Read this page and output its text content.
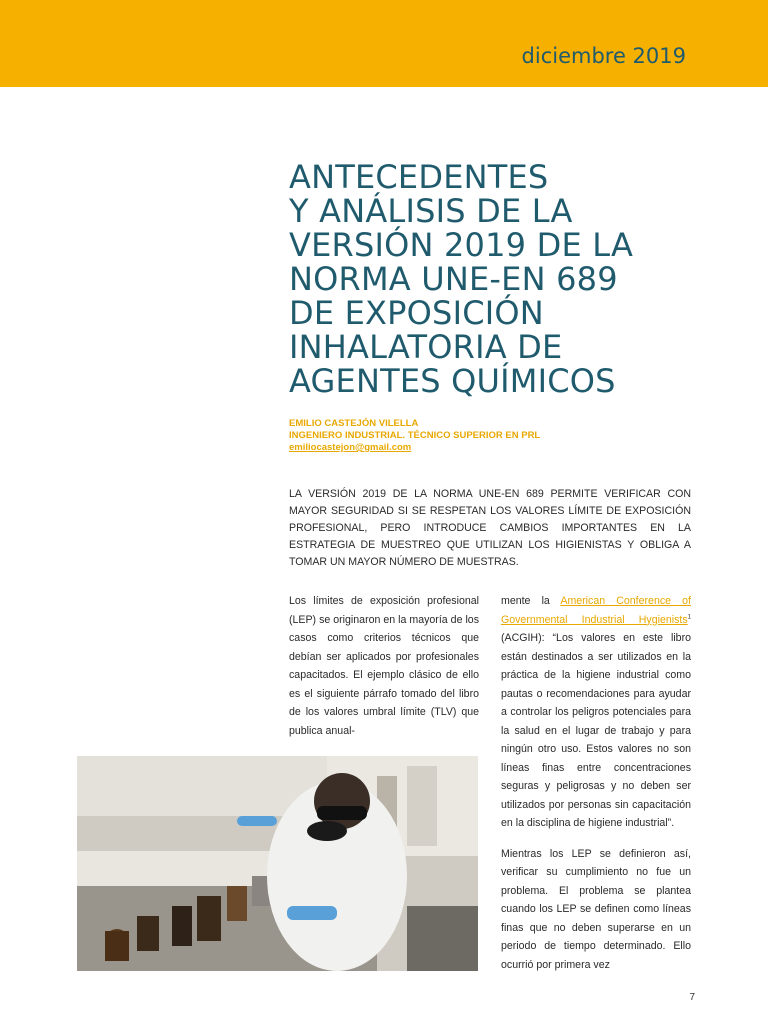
diciembre 2019
ANTECEDENTES
Y ANÁLISIS DE LA
VERSIÓN 2019 DE LA
NORMA UNE-EN 689
DE EXPOSICIÓN
INHALATORIA DE
AGENTES QUÍMICOS
EMILIO CASTEJÓN VILELLA
INGENIERO INDUSTRIAL. TÉCNICO SUPERIOR EN PRL
emiliocastejon@gmail.com

LA VERSIÓN 2019 DE LA NORMA UNE-EN 689 PERMITE VERIFICAR CON MAYOR SEGURIDAD SI SE RESPETAN LOS VALORES LÍMITE DE EXPOSICIÓN PROFESIONAL, PERO INTRODUCE CAMBIOS IMPORTANTES EN LA ESTRATEGIA DE MUESTREO QUE UTILIZAN LOS HIGIENISTAS Y OBLIGA A TOMAR UN MAYOR NÚMERO DE MUESTRAS.

Los límites de exposición profesional (LEP) se originaron en la mayoría de los casos como criterios técnicos que debían ser aplicados por profesionales capacitados. El ejemplo clásico de ello es el siguiente párrafo tomado del libro de los valores umbral límite (TLV) que publica anual-

mente la American Conference of Governmental Industrial Hygienists$^1$ (ACGIH): “Los valores en este libro están destinados a ser utilizados en la práctica de la higiene industrial como pautas o recomendaciones para ayudar a controlar los peligros potenciales para la salud en el lugar de trabajo y para ningún otro uso. Estos valores no son líneas finas entre concentraciones seguras y peligrosas y no deben ser utilizados por personas sin capacitación en la disciplina de higiene industrial”.

Mientras los LEP se definieron así, verificar su cumplimiento no fue un problema. El problema se plantea cuando los LEP se definen como líneas finas que no deben superarse en un periodo de tiempo determinado. Ello ocurrió por primera vez

7
